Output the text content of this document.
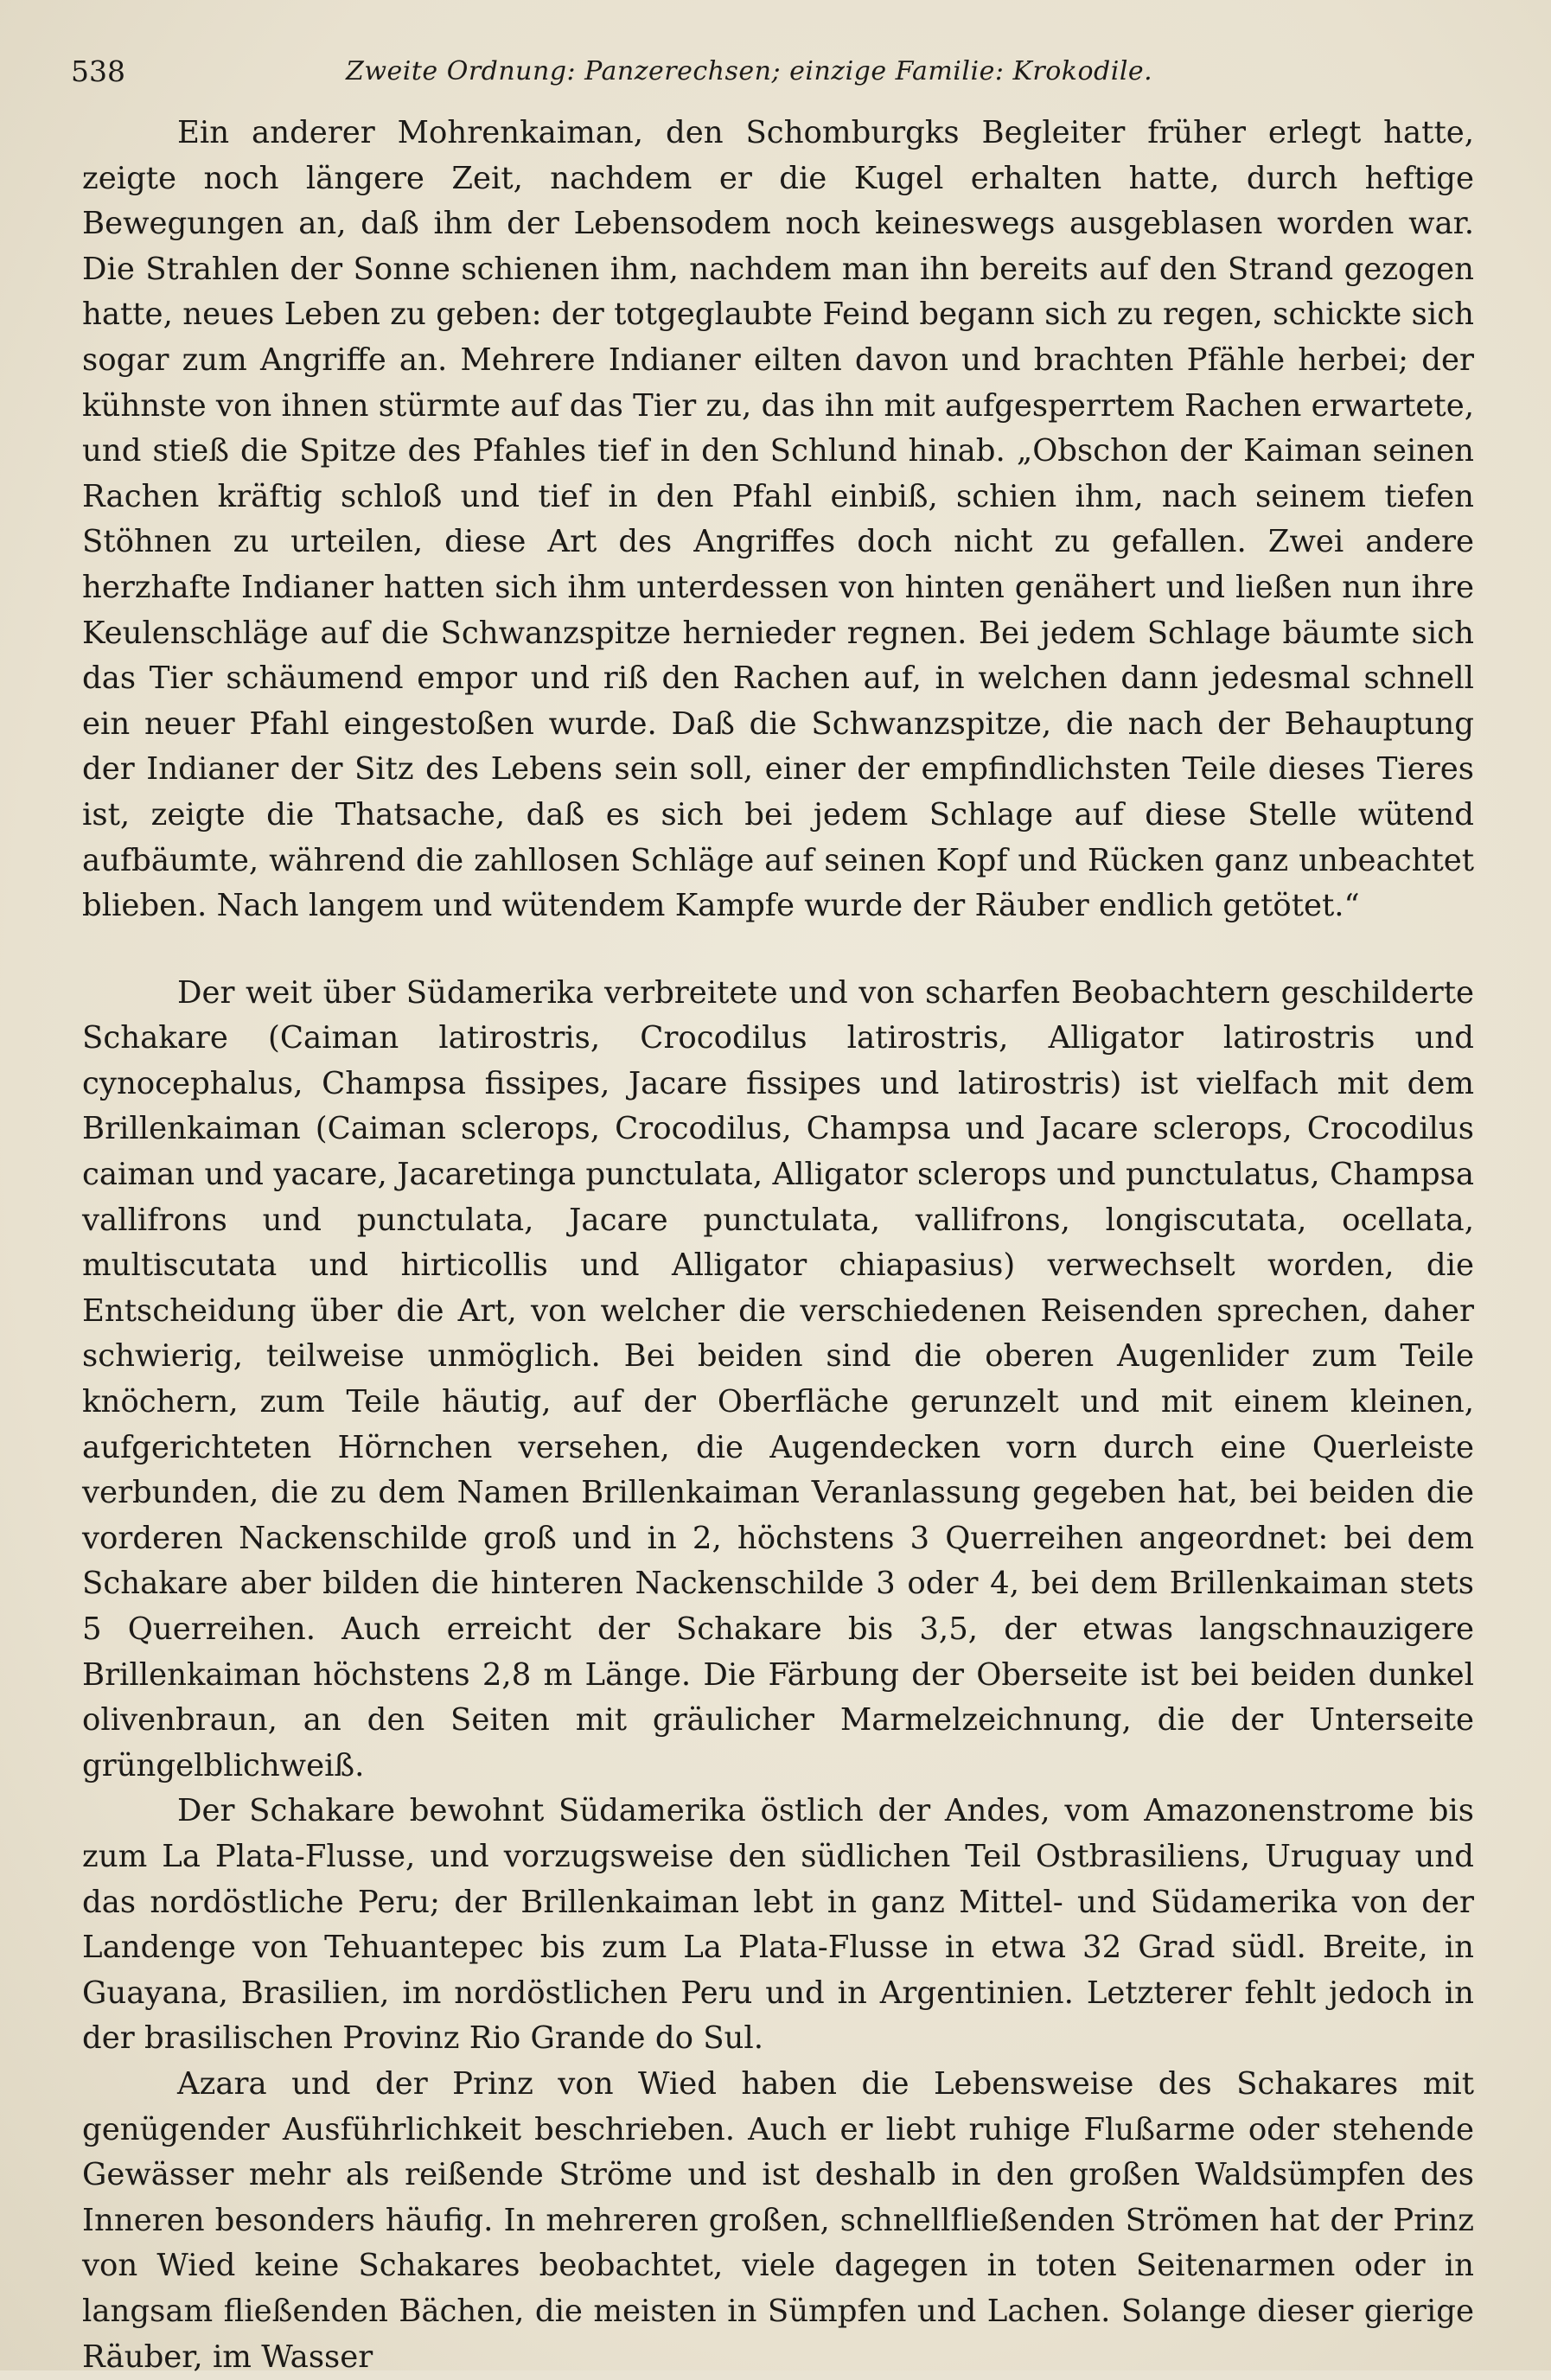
538	Zweite Ordnung: Panzerechsen; einzige Familie: Krokodile.

Ein anderer Mohrenkaiman, den Schomburgks Begleiter früher erlegt hatte, zeigte noch längere Zeit, nachdem er die Kugel erhalten hatte, durch heftige Bewegungen an, daß ihm der Lebensodem noch keineswegs ausgeblasen worden war. Die Strahlen der Sonne schienen ihm, nachdem man ihn bereits auf den Strand gezogen hatte, neues Leben zu geben: der totgeglaubte Feind begann sich zu regen, schickte sich sogar zum Angriffe an. Mehrere Indianer eilten davon und brachten Pfähle herbei; der kühnste von ihnen stürmte auf das Tier zu, das ihn mit aufgesperrtem Rachen erwartete, und stieß die Spitze des Pfahles tief in den Schlund hinab. „Obschon der Kaiman seinen Rachen kräftig schloß und tief in den Pfahl einbiß, schien ihm, nach seinem tiefen Stöhnen zu urteilen, diese Art des Angriffes doch nicht zu gefallen. Zwei andere herzhafte Indianer hatten sich ihm unterdessen von hinten genähert und ließen nun ihre Keulenschläge auf die Schwanzspitze hernieder regnen. Bei jedem Schlage bäumte sich das Tier schäumend empor und riß den Rachen auf, in welchen dann jedesmal schnell ein neuer Pfahl eingestoßen wurde. Daß die Schwanzspitze, die nach der Behauptung der Indianer der Sitz des Lebens sein soll, einer der empfindlichsten Teile dieses Tieres ist, zeigte die Thatsache, daß es sich bei jedem Schlage auf diese Stelle wütend aufbäumte, während die zahllosen Schläge auf seinen Kopf und Rücken ganz unbeachtet blieben. Nach langem und wütendem Kampfe wurde der Räuber endlich getötet.“

Der weit über Südamerika verbreitete und von scharfen Beobachtern geschilderte Schakare (Caiman latirostris, Crocodilus latirostris, Alligator latirostris und cynocephalus, Champsa fissipes, Jacare fissipes und latirostris) ist vielfach mit dem Brillenkaiman (Caiman sclerops, Crocodilus, Champsa und Jacare sclerops, Crocodilus caiman und yacare, Jacaretinga punctulata, Alligator sclerops und punctulatus, Champsa vallifrons und punctulata, Jacare punctulata, vallifrons, longiscutata, ocellata, multiscutata und hirticollis und Alligator chiapasius) verwechselt worden, die Entscheidung über die Art, von welcher die verschiedenen Reisenden sprechen, daher schwierig, teilweise unmöglich. Bei beiden sind die oberen Augenlider zum Teile knöchern, zum Teile häutig, auf der Oberfläche gerunzelt und mit einem kleinen, aufgerichteten Hörnchen versehen, die Augendecken vorn durch eine Querleiste verbunden, die zu dem Namen Brillenkaiman Veranlassung gegeben hat, bei beiden die vorderen Nackenschilde groß und in 2, höchstens 3 Querreihen angeordnet: bei dem Schakare aber bilden die hinteren Nackenschilde 3 oder 4, bei dem Brillenkaiman stets 5 Querreihen. Auch erreicht der Schakare bis 3,5, der etwas langschnauzigere Brillenkaiman höchstens 2,8 m Länge. Die Färbung der Oberseite ist bei beiden dunkel olivenbraun, an den Seiten mit gräulicher Marmelzeichnung, die der Unterseite grüngelblichweiß.

Der Schakare bewohnt Südamerika östlich der Andes, vom Amazonenstrome bis zum La Plata-Flusse, und vorzugsweise den südlichen Teil Ostbrasiliens, Uruguay und das nordöstliche Peru; der Brillenkaiman lebt in ganz Mittel- und Südamerika von der Landenge von Tehuantepec bis zum La Plata-Flusse in etwa 32 Grad südl. Breite, in Guayana, Brasilien, im nordöstlichen Peru und in Argentinien. Letzterer fehlt jedoch in der brasilischen Provinz Rio Grande do Sul.

Azara und der Prinz von Wied haben die Lebensweise des Schakares mit genügender Ausführlichkeit beschrieben. Auch er liebt ruhige Flußarme oder stehende Gewässer mehr als reißende Ströme und ist deshalb in den großen Waldsümpfen des Inneren besonders häufig. In mehreren großen, schnellfließenden Strömen hat der Prinz von Wied keine Schakares beobachtet, viele dagegen in toten Seitenarmen oder in langsam fließenden Bächen, die meisten in Sümpfen und Lachen. Solange dieser gierige Räuber, im Wasser
